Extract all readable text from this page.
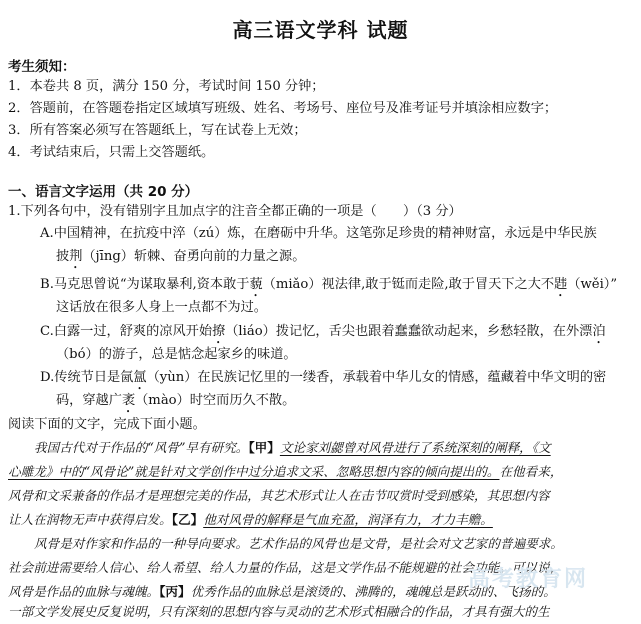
高三语文学科 试题
考生须知：
1．本卷共 8 页，满分 150 分，考试时间 150 分钟；
2．答题前，在答题卷指定区域填写班级、姓名、考场号、座位号及准考证号并填涂相应数字；
3．所有答案必须写在答题纸上，写在试卷上无效；
4．考试结束后，只需上交答题纸。
一、语言文字运用（共 20 分）
1.下列各句中，没有错别字且加点字的注音全都正确的一项是（　　）（3 分）
A.中国精神，在抗疫中淬（zú）炼，在磨砺中升华。这笔弥足珍贵的精神财富，永远是中华民族
披荆（jīng）斩棘、奋勇向前的力量之源。
B.马克思曾说“为谋取暴利,资本敢于藐（miǎo）视法律,敢于铤而走险,敢于冒天下之大不韪（wěi）”
这话放在很多人身上一点都不为过。
C.白露一过，舒爽的凉风开始撩（liáo）拨记忆，舌尖也跟着蠢蠢欲动起来，乡愁轻散，在外漂泊
（bó）的游子，总是惦念起家乡的味道。
D.传统节日是氤氲（yùn）在民族记忆里的一缕香，承载着中华儿女的情感，蕴藏着中华文明的密
码，穿越广袤（mào）时空而历久不散。
阅读下面的文字，完成下面小题。
我国古代对于作品的“风骨”早有研究。【甲】文论家刘勰曾对风骨进行了系统深刻的阐释，《文
心雕龙》中的“风骨论”就是针对文学创作中过分追求文采、忽略思想内容的倾向提出的。在他看来，
风骨和文采兼备的作品才是理想完美的作品，其艺术形式让人在击节叹赏时受到感染，其思想内容
让人在润物无声中获得启发。【乙】他对风骨的解释是气血充盈，润泽有力，才力丰赡。
风骨是对作家和作品的一种导向要求。艺术作品的风骨也是文骨，是社会对文艺家的普遍要求。
社会前进需要给人信心、给人希望、给人力量的作品，这是文学作品不能规避的社会功能。可以说，
风骨是作品的血脉与魂魄。【丙】优秀作品的血脉总是滚烫的、沸腾的，魂魄总是跃动的、飞扬的。
一部文学发展史反复说明，只有深刻的思想内容与灵动的艺术形式相融合的作品，才具有强大的生
高考教育网
